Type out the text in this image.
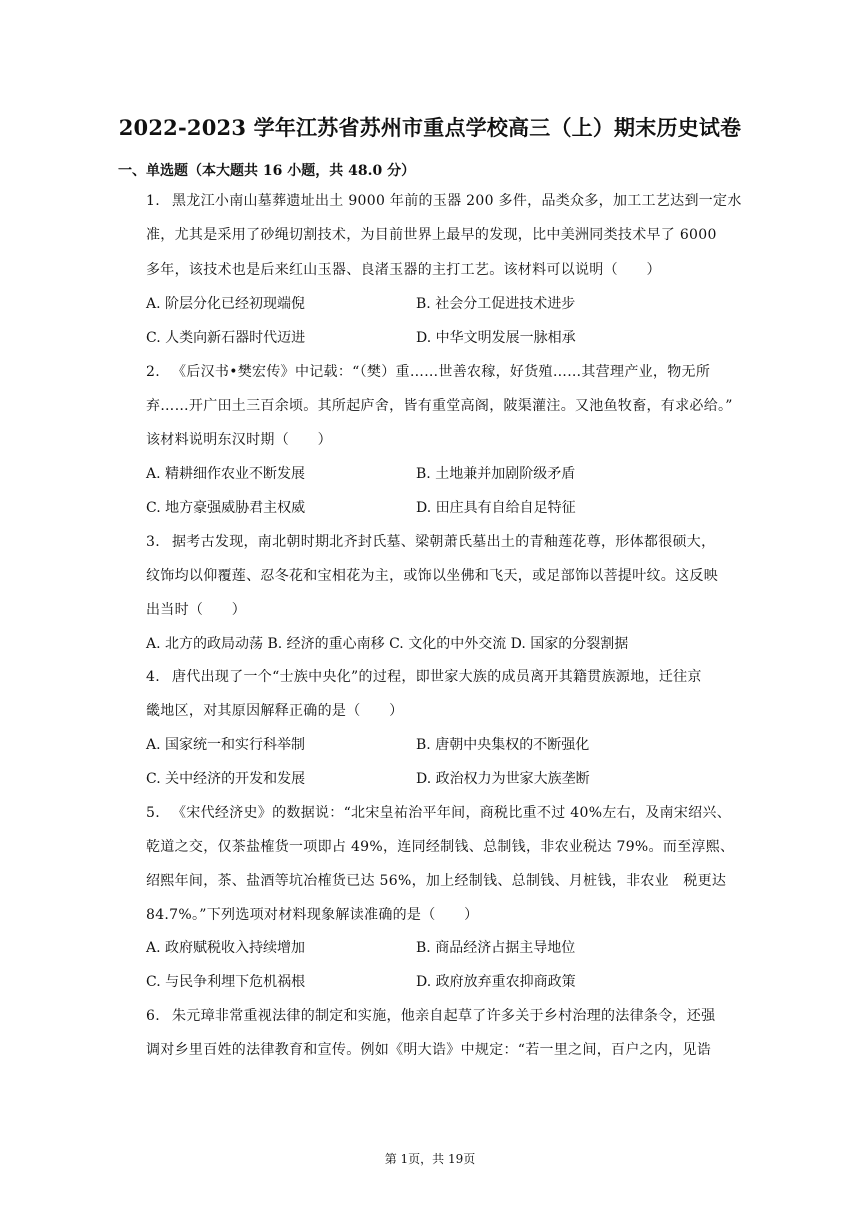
2022-2023 学年江苏省苏州市重点学校高三（上）期末历史试卷
一、单选题（本大题共 16 小题，共 48.0 分）
1. 黑龙江小南山墓葬遗址出土 9000 年前的玉器 200 多件，品类众多，加工工艺达到一定水
准，尤其是采用了砂绳切割技术，为目前世界上最早的发现，比中美洲同类技术早了 6000
多年，该技术也是后来红山玉器、良渚玉器的主打工艺。该材料可以说明（　　）
A. 阶层分化已经初现端倪	B. 社会分工促进技术进步
C. 人类向新石器时代迈进	D. 中华文明发展一脉相承
2. 《后汉书•樊宏传》中记载：“（樊）重……世善农稼，好货殖……其营理产业，物无所
弃……开广田土三百余顷。其所起庐舍，皆有重堂高阁，陂渠灌注。又池鱼牧畜，有求必给。”
该材料说明东汉时期（　　）
A. 精耕细作农业不断发展	B. 土地兼并加剧阶级矛盾
C. 地方豪强威胁君主权威	D. 田庄具有自给自足特征
3. 据考古发现，南北朝时期北齐封氏墓、梁朝萧氏墓出土的青釉莲花尊，形体都很硕大，
纹饰均以仰覆莲、忍冬花和宝相花为主，或饰以坐佛和飞天，或足部饰以菩提叶纹。这反映
出当时（　　）
A. 北方的政局动荡 B. 经济的重心南移 C. 文化的中外交流 D. 国家的分裂割据
4. 唐代出现了一个“士族中央化”的过程，即世家大族的成员离开其籍贯族源地，迁往京
畿地区，对其原因解释正确的是（　　）
A. 国家统一和实行科举制	B. 唐朝中央集权的不断强化
C. 关中经济的开发和发展	D. 政治权力为世家大族垄断
5. 《宋代经济史》的数据说：“北宋皇祐治平年间，商税比重不过 40%左右，及南宋绍兴、
乾道之交，仅茶盐榷货一项即占 49%，连同经制钱、总制钱，非农业税达 79%。而至淳熙、
绍熙年间，茶、盐酒等坑冶榷货已达 56%，加上经制钱、总制钱、月桩钱，非农业　税更达
84.7%。”下列选项对材料现象解读准确的是（　　）
A. 政府赋税收入持续增加	B. 商品经济占据主导地位
C. 与民争利埋下危机祸根	D. 政府放弃重农抑商政策
6. 朱元璋非常重视法律的制定和实施，他亲自起草了许多关于乡村治理的法律条令，还强
调对乡里百姓的法律教育和宣传。例如《明大诰》中规定：“若一里之间，百户之内，见诰
第 1页，共 19页
